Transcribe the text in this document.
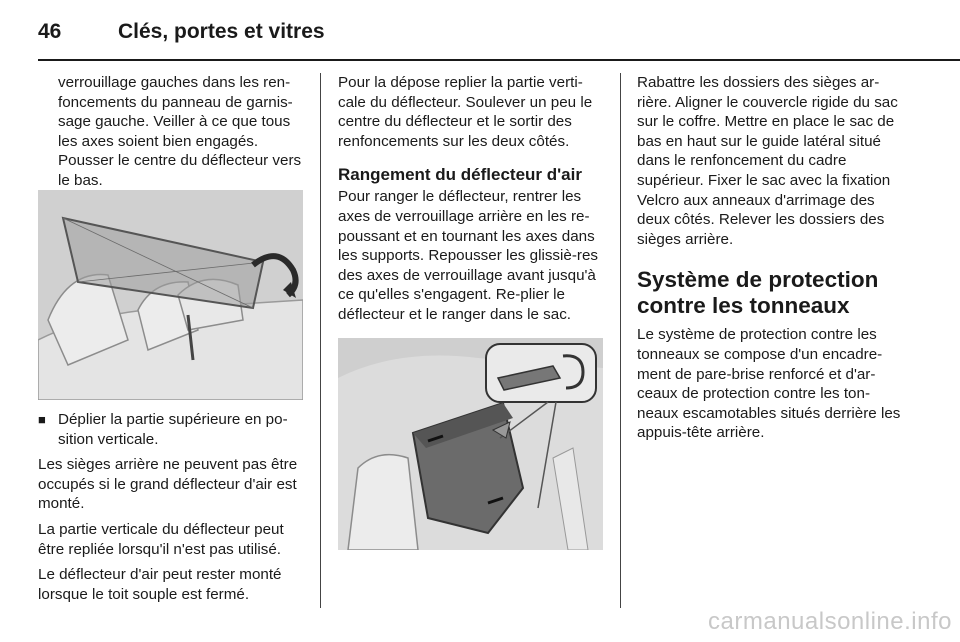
46	Clés, portes et vitres

verrouillage gauches dans les ren-foncements du panneau de garnis-sage gauche. Veiller à ce que tous les axes soient bien engagés. Pousser le centre du déflecteur vers le bas.

■ Déplier la partie supérieure en po-sition verticale.

Les sièges arrière ne peuvent pas être occupés si le grand déflecteur d'air est monté.

La partie verticale du déflecteur peut être repliée lorsqu'il n'est pas utilisé.

Le déflecteur d'air peut rester monté lorsque le toit souple est fermé.

Pour la dépose replier la partie verti-cale du déflecteur. Soulever un peu le centre du déflecteur et le sortir des renfoncements sur les deux côtés.

Rangement du déflecteur d'air

Pour ranger le déflecteur, rentrer les axes de verrouillage arrière en les re-poussant et en tournant les axes dans les supports. Repousser les glissiè-res des axes de verrouillage avant jusqu'à ce qu'elles s'engagent. Re-plier le déflecteur et le ranger dans le sac.

Rabattre les dossiers des sièges ar-rière. Aligner le couvercle rigide du sac sur le coffre. Mettre en place le sac de bas en haut sur le guide latéral situé dans le renfoncement du cadre supérieur. Fixer le sac avec la fixation Velcro aux anneaux d'arrimage des deux côtés. Relever les dossiers des sièges arrière.

Système de protection contre les tonneaux

Le système de protection contre les tonneaux se compose d'un encadre-ment de pare-brise renforcé et d'ar-ceaux de protection contre les ton-neaux escamotables situés derrière les appuis-tête arrière.

carmanualsonline.info
